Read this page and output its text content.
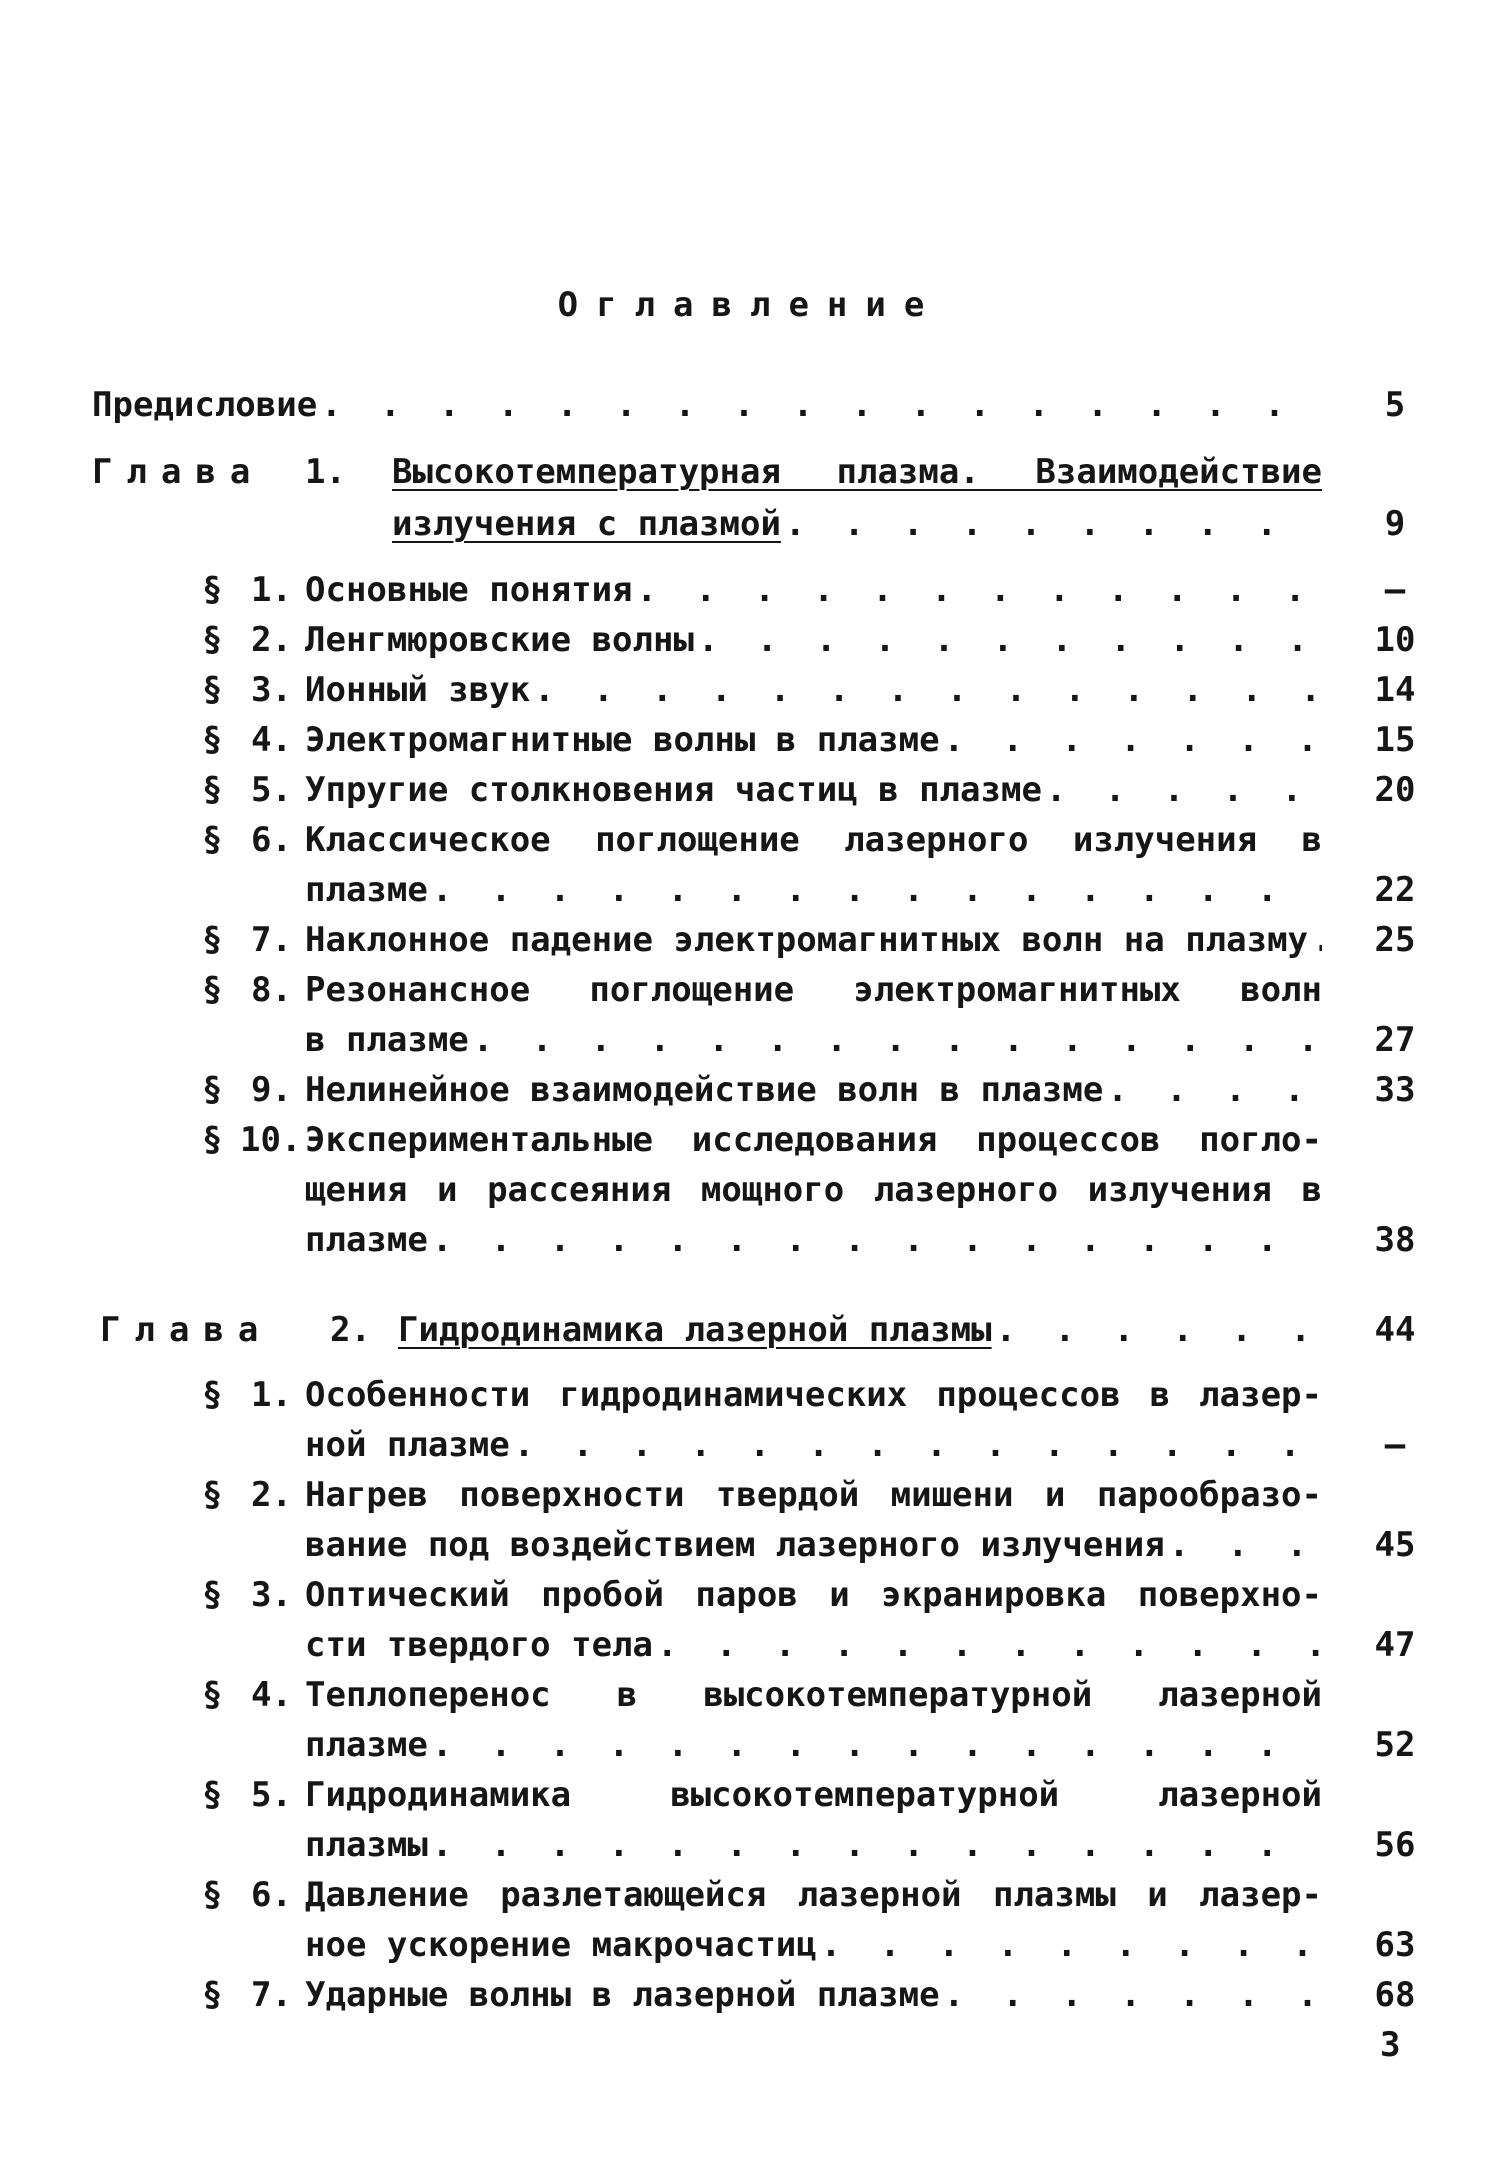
Оглавление
Предисловие . . .	5
Глава 1. Высокотемпературная плазма. Взаимодействие
излучения с плазмой . . .	9
§ 1. Основные понятия . . .	–
§ 2. Ленгмюровские волны . . .	10
§ 3. Ионный звук . . .	14
§ 4. Электромагнитные волны в плазме . . .	15
§ 5. Упругие столкновения частиц в плазме . . .	20
§ 6. Классическое поглощение лазерного излучения в
плазме . . .	22
§ 7. Наклонное падение электромагнитных волн на плазму . . .	25
§ 8. Резонансное поглощение электромагнитных волн
в плазме . . .	27
§ 9. Нелинейное взаимодействие волн в плазме . . .	33
§ 10. Экспериментальные исследования процессов погло-
щения и рассеяния мощного лазерного излучения в
плазме . . .	38
Глава 2. Гидродинамика лазерной плазмы . . .	44
§ 1. Особенности гидродинамических процессов в лазер-
ной плазме . . .	–
§ 2. Нагрев поверхности твердой мишени и парообразо-
вание под воздействием лазерного излучения . . .	45
§ 3. Оптический пробой паров и экранировка поверхно-
сти твердого тела . . .	47
§ 4. Теплоперенос в высокотемпературной лазерной
плазме . . .	52
§ 5. Гидродинамика высокотемпературной лазерной
плазмы . . .	56
§ 6. Давление разлетающейся лазерной плазмы и лазер-
ное ускорение макрочастиц . . .	63
§ 7. Ударные волны в лазерной плазме . . .	68
3
